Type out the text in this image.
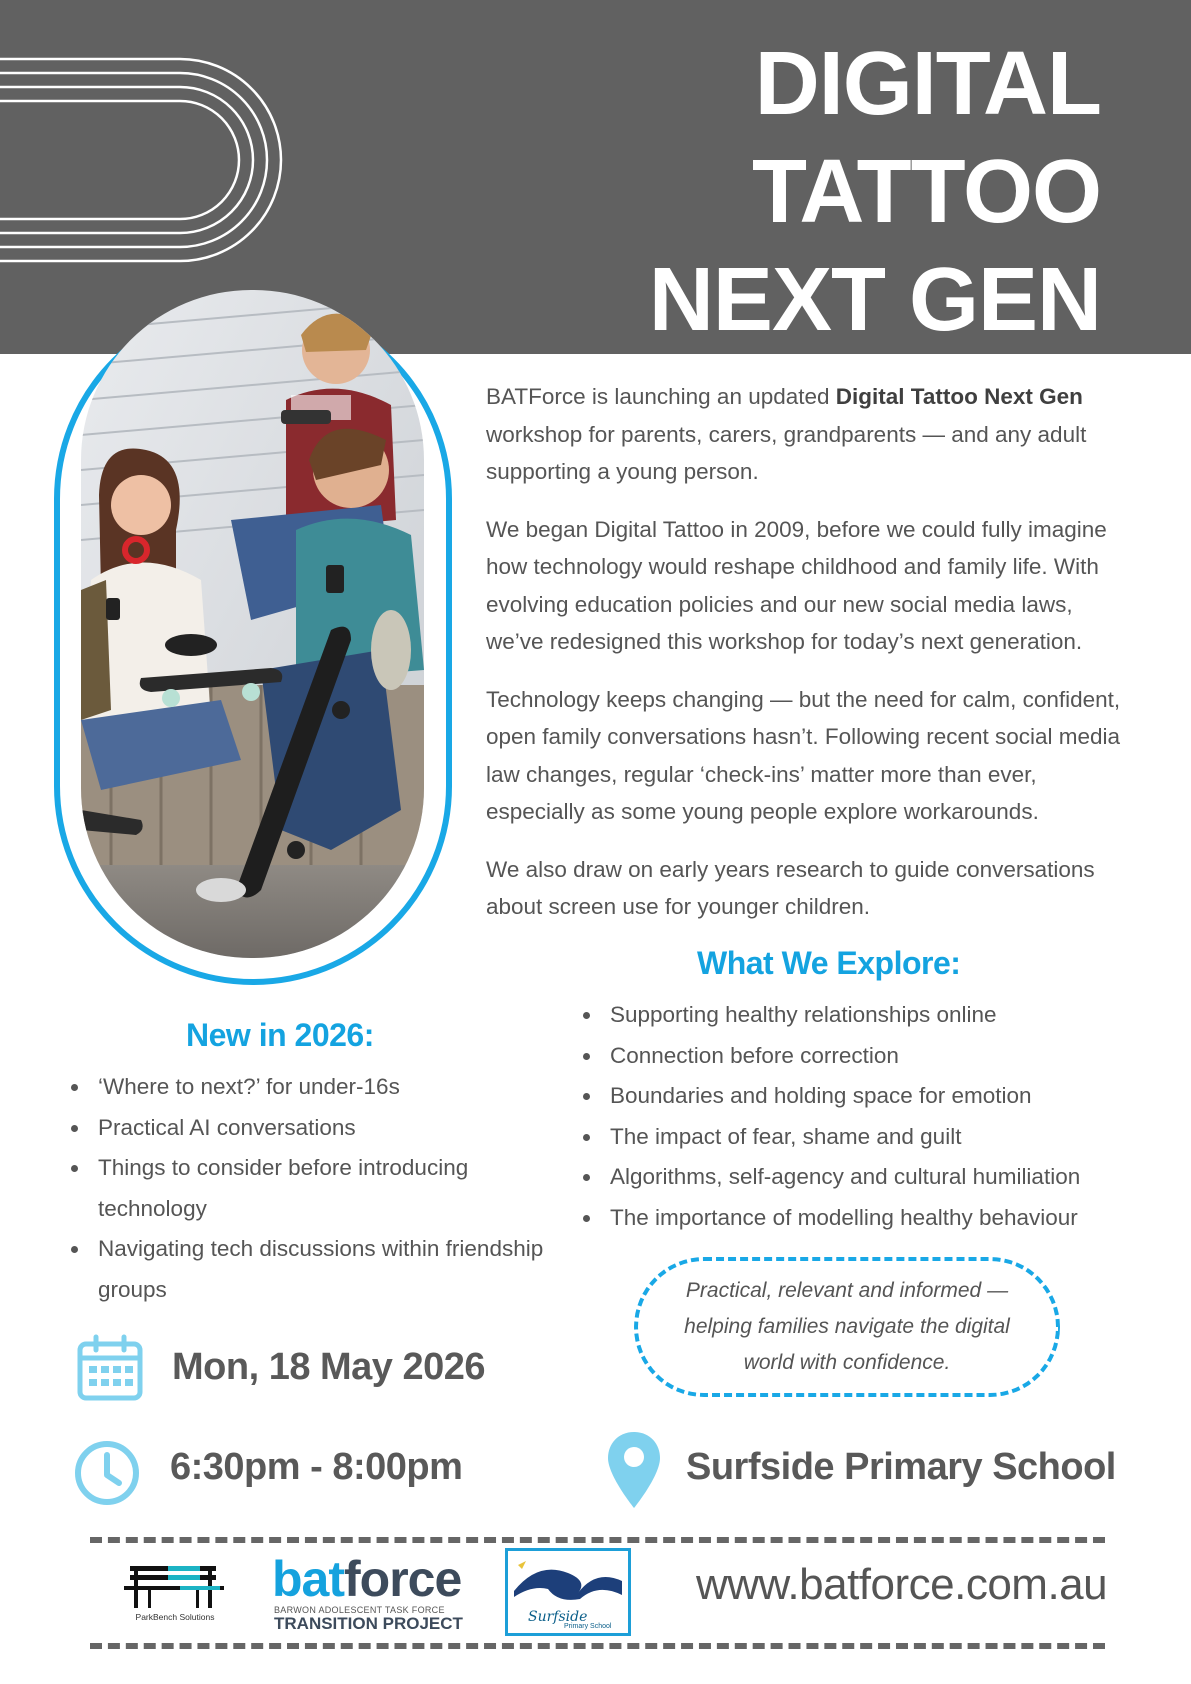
DIGITAL
TATTOO
NEXT GEN

BATForce is launching an updated Digital Tattoo Next Gen workshop for parents, carers, grandparents — and any adult supporting a young person.

We began Digital Tattoo in 2009, before we could fully imagine how technology would reshape childhood and family life. With evolving education policies and our new social media laws, we’ve redesigned this workshop for today’s next generation.

Technology keeps changing — but the need for calm, confident, open family conversations hasn’t. Following recent social media law changes, regular ‘check-ins’ matter more than ever, especially as some young people explore workarounds.

We also draw on early years research to guide conversations about screen use for younger children.

What We Explore:
Supporting healthy relationships online
Connection before correction
Boundaries and holding space for emotion
The impact of fear, shame and guilt
Algorithms, self-agency and cultural humiliation
The importance of modelling healthy behaviour
New in 2026:
‘Where to next?’ for under-16s
Practical AI conversations
Things to consider before introducing technology
Navigating tech discussions within friendship groups	Practical, relevant and informed — helping families navigate the digital world with confidence.
Mon, 18 May 2026
6:30pm - 8:00pm	Surfside Primary School
ParkBench Solutions
batforce
BARWON ADOLESCENT TASK FORCE
TRANSITION PROJECT	Surfside
Primary School
www.batforce.com.au
